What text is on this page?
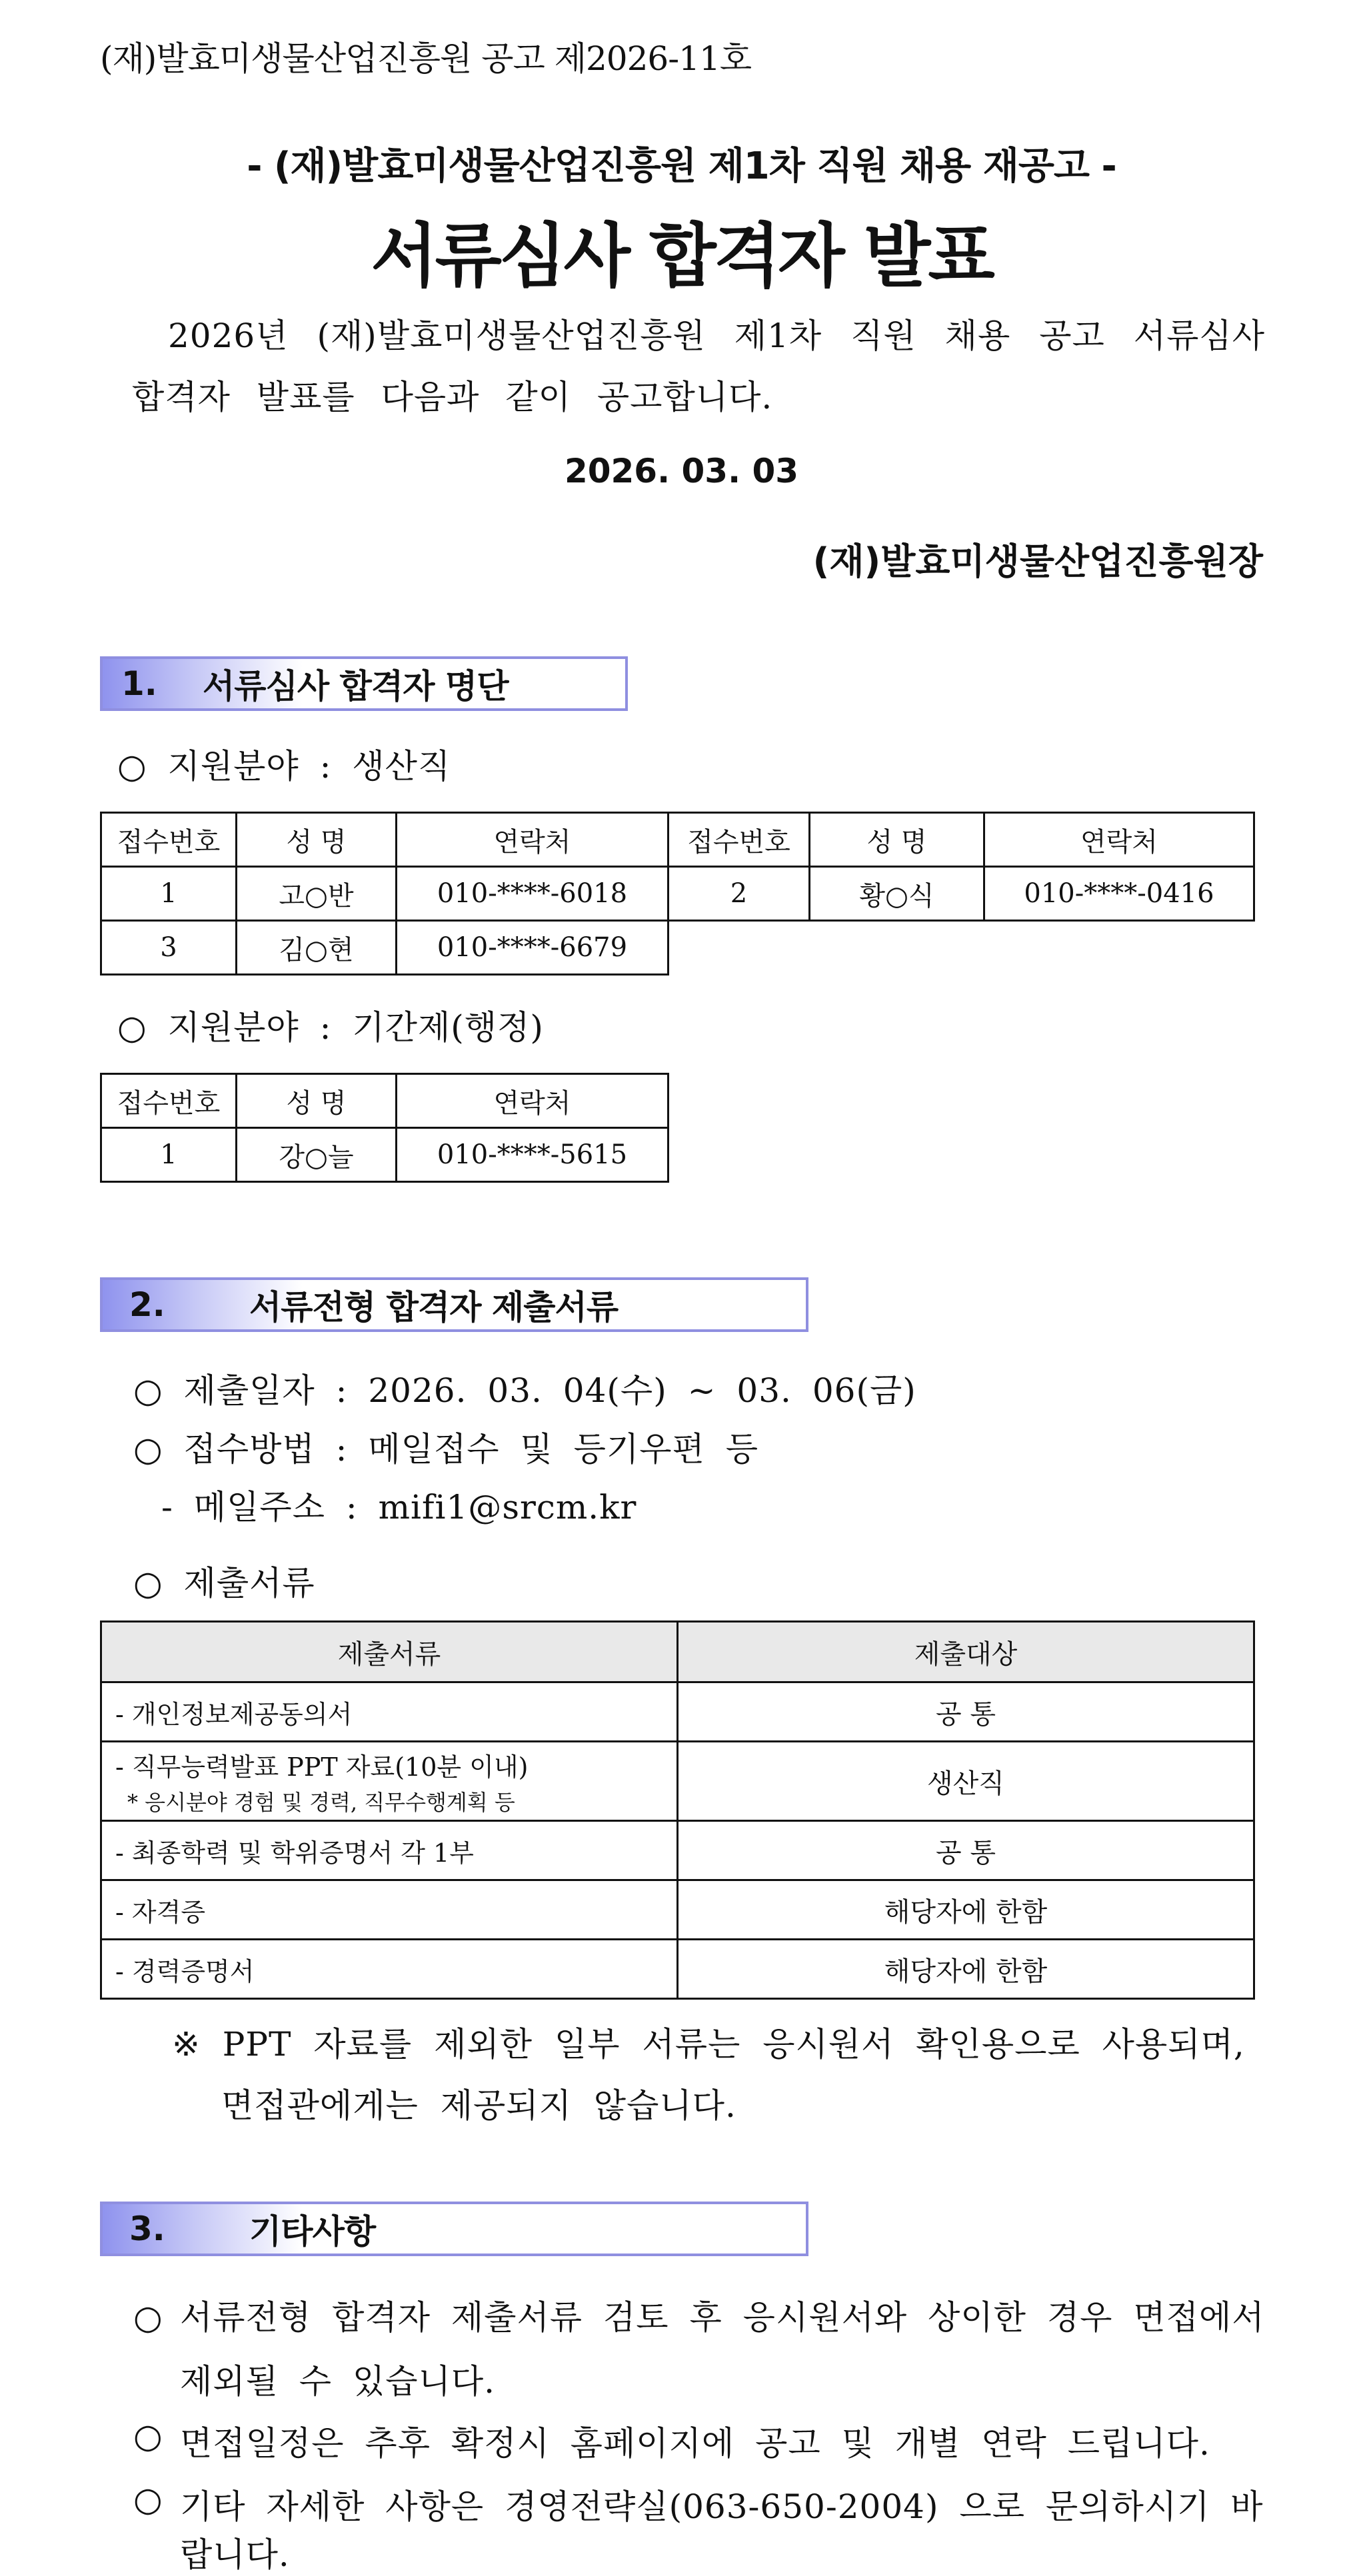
(재)발효미생물산업진흥원 공고 제2026-11호
- (재)발효미생물산업진흥원 제1차 직원 채용 재공고 -
서류심사 합격자 발표
2026년 (재)발효미생물산업진흥원 제1차 직원 채용 공고 서류심사 합격자 발표를 다음과 같이 공고합니다.
2026. 03. 03
(재)발효미생물산업진흥원장
1.	서류심사 합격자 명단
○ 지원분야 : 생산직
접수번호	성 명	연락처	접수번호	성 명	연락처
1	고○반	010-****-6018	2	황○식	010-****-0416
3	김○현	010-****-6679			
○ 지원분야 : 기간제(행정)
접수번호	성 명	연락처
1	강○늘	010-****-5615
2.	서류전형 합격자 제출서류
○ 제출일자 : 2026. 03. 04(수) ~ 03. 06(금)
○ 접수방법 : 메일접수 및 등기우편 등
- 메일주소 : mifi1@srcm.kr
○ 제출서류
제출서류	제출대상
- 개인정보제공동의서	공 통

- 직무능력발표 PPT 자료(10분 이내)
* 응시분야 경험 및 경력, 직무수행계획 등	생산직
- 최종학력 및 학위증명서 각 1부	공 통
- 자격증	해당자에 한함
- 경력증명서	해당자에 한함
※ PPT 자료를 제외한 일부 서류는 응시원서 확인용으로 사용되며,
면접관에게는 제공되지 않습니다.
3.	기타사항
○ 서류전형 합격자 제출서류 검토 후 응시원서와 상이한 경우 면접에서
제외될 수 있습니다.
○ 면접일정은 추후 확정시 홈페이지에 공고 및 개별 연락 드립니다.
○ 기타 자세한 사항은 경영전략실(063-650-2004) 으로 문의하시기 바랍니다.
